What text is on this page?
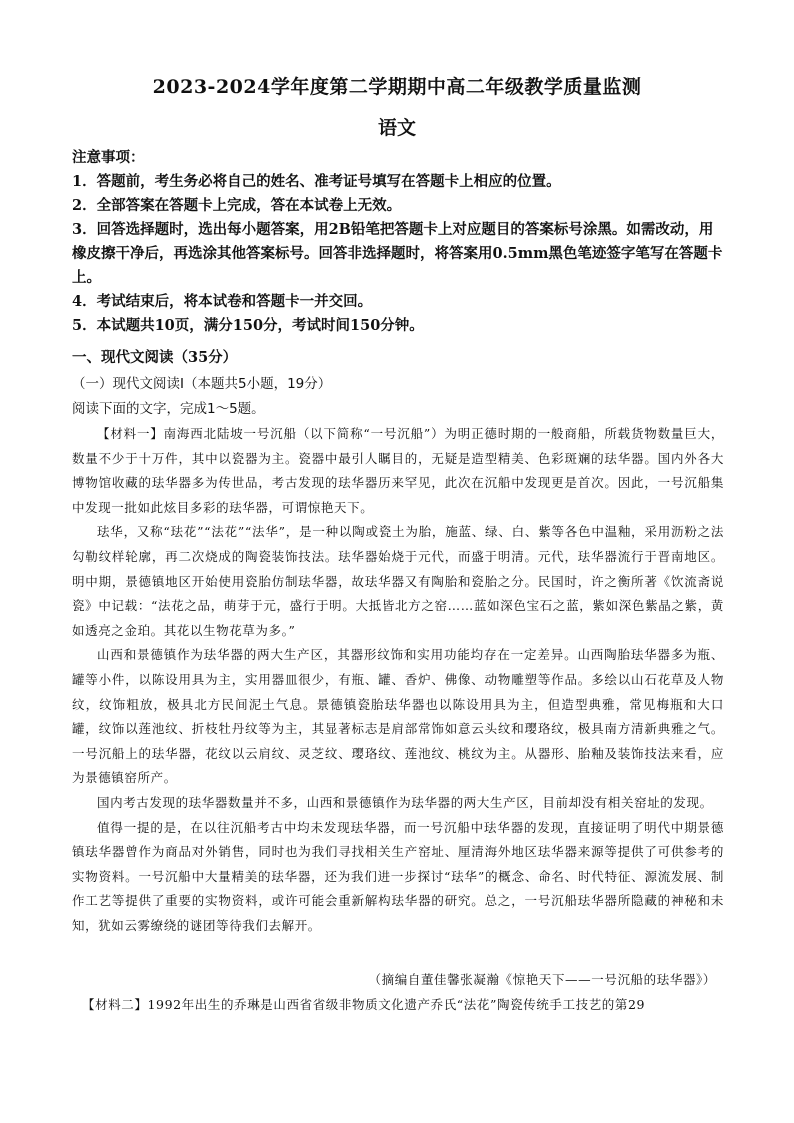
2023-2024学年度第二学期期中高二年级教学质量监测
语文

注意事项：

1．答题前，考生务必将自己的姓名、准考证号填写在答题卡上相应的位置。

2．全部答案在答题卡上完成，答在本试卷上无效。

3．回答选择题时，选出每小题答案，用2B铅笔把答题卡上对应题目的答案标号涂黑。如需改动，用橡皮擦干净后，再选涂其他答案标号。回答非选择题时，将答案用0.5mm黑色笔迹签字笔写在答题卡上。

4．考试结束后，将本试卷和答题卡一并交回。

5．本试题共10页，满分150分，考试时间150分钟。

一、现代文阅读（35分）
（一）现代文阅读Ⅰ（本题共5小题，19分）
阅读下面的文字，完成1～5题。

【材料一】南海西北陆坡一号沉船（以下简称“一号沉船”）为明正德时期的一般商船，所载货物数量巨大，数量不少于十万件，其中以瓷器为主。瓷器中最引人瞩目的，无疑是造型精美、色彩斑斓的珐华器。国内外各大博物馆收藏的珐华器多为传世品，考古发现的珐华器历来罕见，此次在沉船中发现更是首次。因此，一号沉船集中发现一批如此炫目多彩的珐华器，可谓惊艳天下。

珐华，又称“珐花”“法花”“法华”，是一种以陶或瓷土为胎，施蓝、绿、白、紫等各色中温釉，采用沥粉之法勾勒纹样轮廓，再二次烧成的陶瓷装饰技法。珐华器始烧于元代，而盛于明清。元代，珐华器流行于晋南地区。明中期，景德镇地区开始使用瓷胎仿制珐华器，故珐华器又有陶胎和瓷胎之分。民国时，许之衡所著《饮流斋说瓷》中记载：“法花之品，萌芽于元，盛行于明。大抵皆北方之窑……蓝如深色宝石之蓝，紫如深色紫晶之紫，黄如透亮之金珀。其花以生物花草为多。”

山西和景德镇作为珐华器的两大生产区，其器形纹饰和实用功能均存在一定差异。山西陶胎珐华器多为瓶、罐等小件，以陈设用具为主，实用器皿很少，有瓶、罐、香炉、佛像、动物雕塑等作品。多绘以山石花草及人物纹，纹饰粗放，极具北方民间泥土气息。景德镇瓷胎珐华器也以陈设用具为主，但造型典雅，常见梅瓶和大口罐，纹饰以莲池纹、折枝牡丹纹等为主，其显著标志是肩部常饰如意云头纹和璎珞纹，极具南方清新典雅之气。一号沉船上的珐华器，花纹以云肩纹、灵芝纹、璎珞纹、莲池纹、桃纹为主。从器形、胎釉及装饰技法来看，应为景德镇窑所产。

国内考古发现的珐华器数量并不多，山西和景德镇作为珐华器的两大生产区，目前却没有相关窑址的发现。

值得一提的是，在以往沉船考古中均未发现珐华器，而一号沉船中珐华器的发现，直接证明了明代中期景德镇珐华器曾作为商品对外销售，同时也为我们寻找相关生产窑址、厘清海外地区珐华器来源等提供了可供参考的实物资料。一号沉船中大量精美的珐华器，还为我们进一步探讨“珐华”的概念、命名、时代特征、源流发展、制作工艺等提供了重要的实物资料，或许可能会重新解构珐华器的研究。总之，一号沉船珐华器所隐藏的神秘和未知，犹如云雾缭绕的谜团等待我们去解开。

（摘编自董佳馨张凝瀚《惊艳天下——一号沉船的珐华器》）
【材料二】1992年出生的乔琳是山西省省级非物质文化遗产乔氏“法花”陶瓷传统手工技艺的第29
